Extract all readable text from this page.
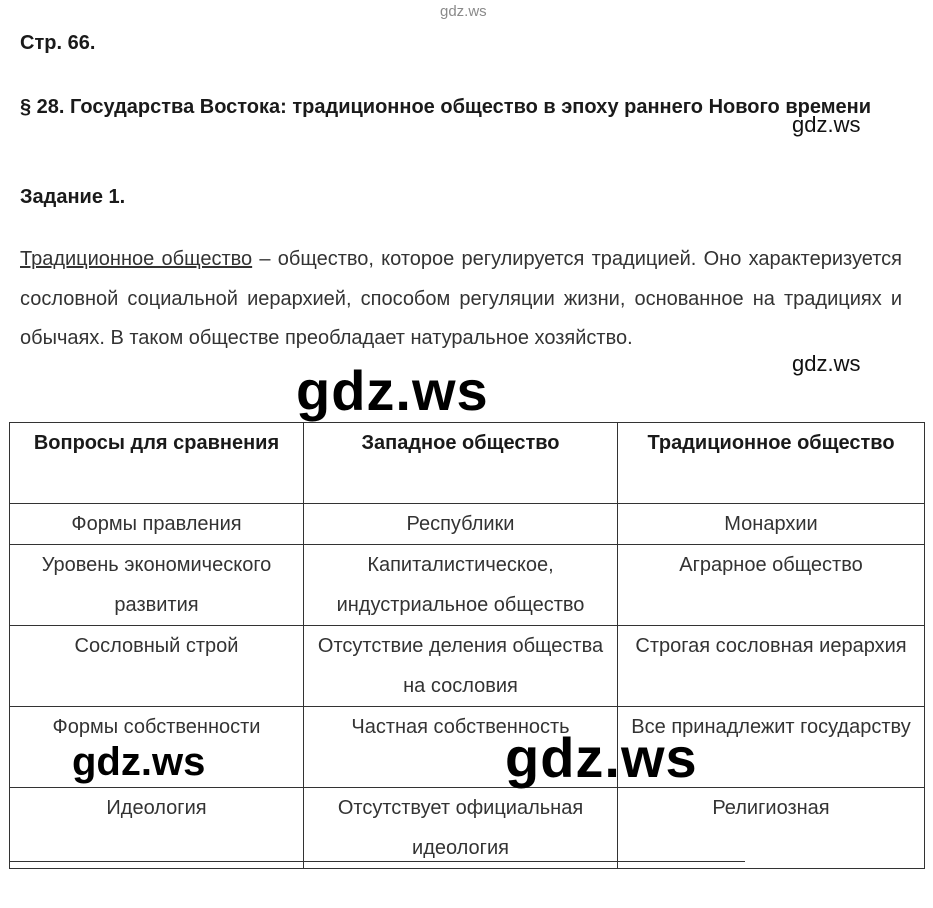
gdz.ws
Стр. 66.
§ 28. Государства Востока: традиционное общество в эпоху раннего Нового времени
gdz.ws
Задание 1.
Традиционное общество – общество, которое регулируется традицией. Оно характеризуется сословной социальной иерархией, способом регуляции жизни, основанное на традициях и обычаях. В таком обществе преобладает натуральное хозяйство.
gdz.ws
gdz.ws
Вопросы для сравнения	Западное общество	Традиционное общество
Формы правления	Республики	Монархии
Уровень экономического развития	Капиталистическое, индустриальное общество	Аграрное общество
Сословный строй	Отсутствие деления общества на сословия	Строгая сословная иерархия
Формы собственности	Частная собственность	Все принадлежит государству
Идеология	Отсутствует официальная идеология	Религиозная
gdz.ws	gdz.ws
